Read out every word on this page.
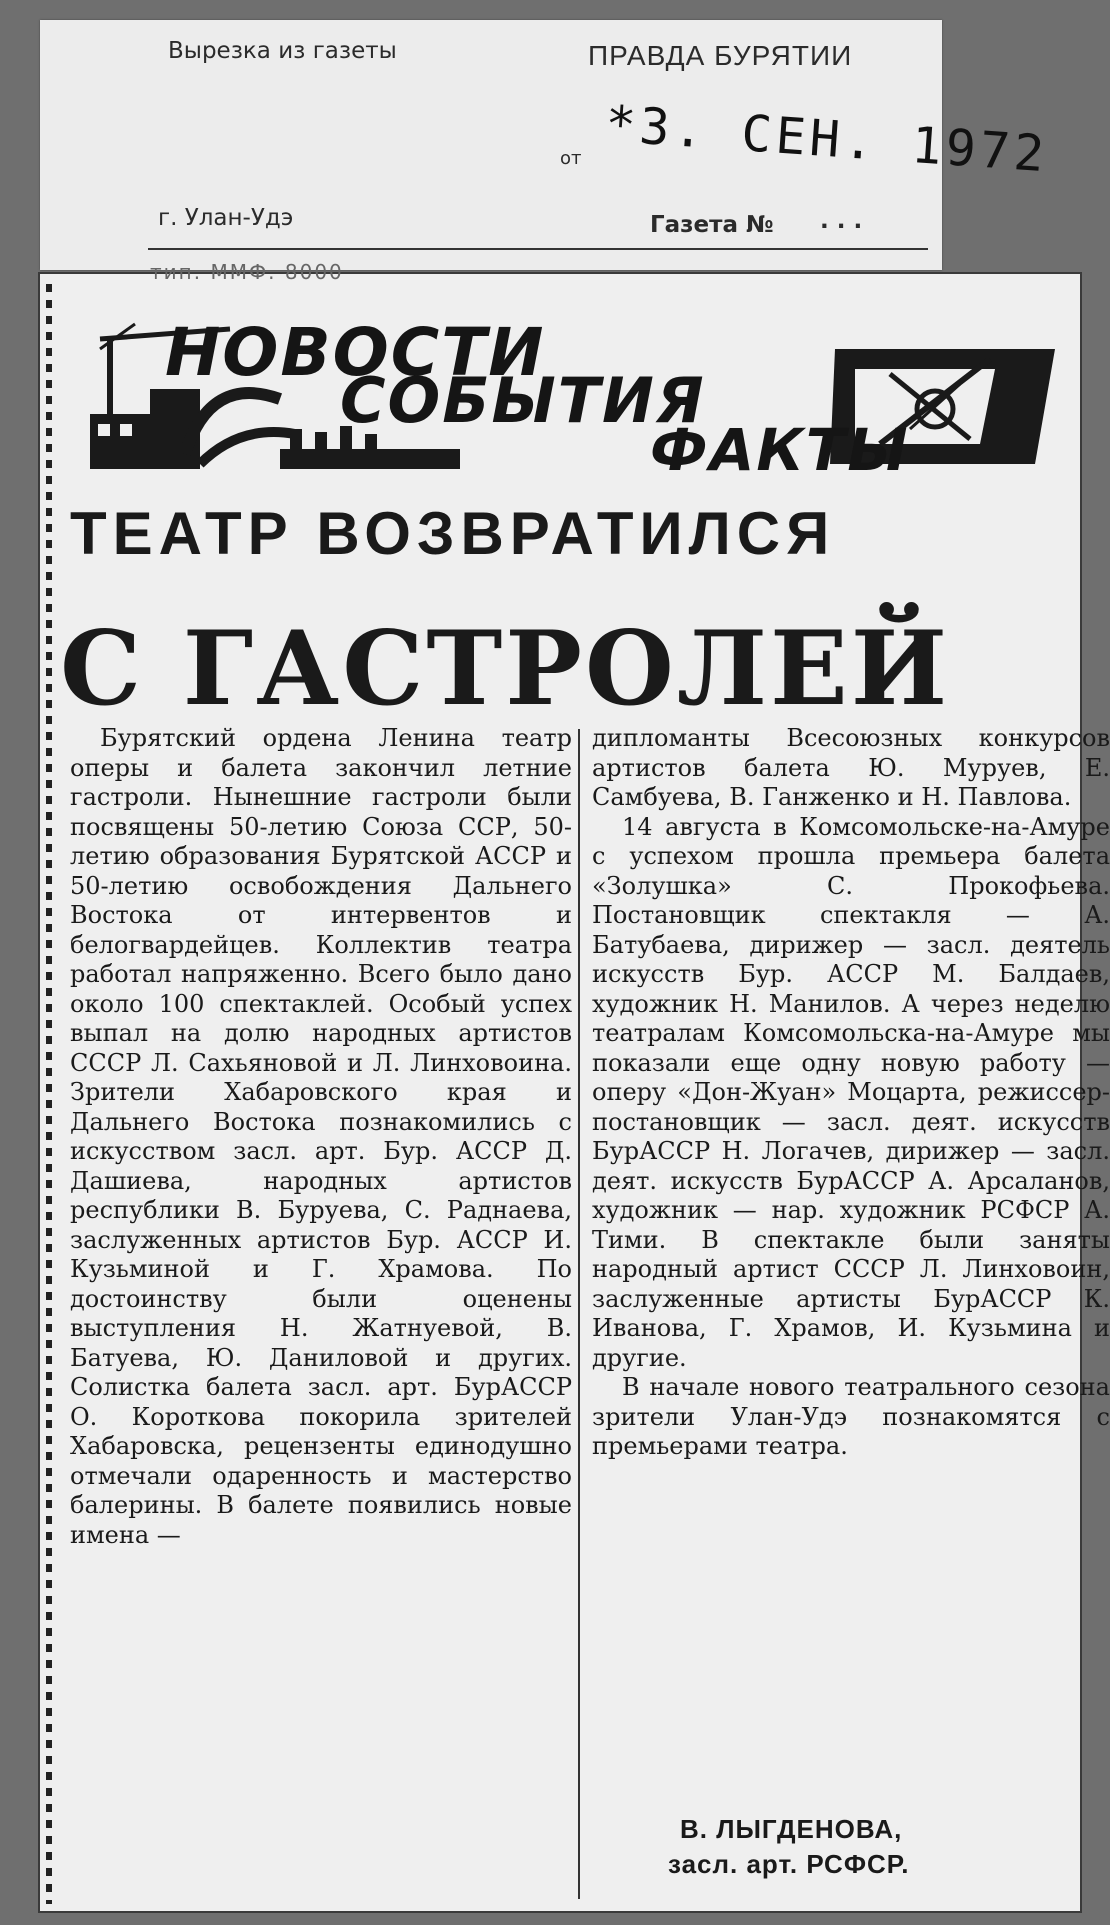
Вырезка из газеты	ПРАВДА БУРЯТИИ
от *3. СЕН. 1972
г. Улан-Удэ	Газета № . . .
тип. ММФ. 8000
НОВОСТИ
СОБЫТИЯ
ФАКТЫ
ТЕАТР ВОЗВРАТИЛСЯ
С ГАСТРОЛЕЙ

Бурятский ордена Ленина театр оперы и балета закончил летние гастроли. Нынешние гастроли были посвящены 50-летию Союза ССР, 50-летию образования Бурятской АССР и 50-летию освобождения Дальнего Востока от интервентов и белогвардейцев. Коллектив театра работал напряженно. Всего было дано около 100 спектаклей. Особый успех выпал на долю народных артистов СССР Л. Сахьяновой и Л. Линховоина. Зрители Хабаровского края и Дальнего Востока познакомились с искусством засл. арт. Бур. АССР Д. Дашиева, народных артистов республики В. Буруева, С. Раднаева, заслуженных артистов Бур. АССР И. Кузьминой и Г. Храмова. По достоинству были оценены выступления Н. Жатнуевой, В. Батуева, Ю. Даниловой и других. Солистка балета засл. арт. БурАССР О. Короткова покорила зрителей Хабаровска, рецензенты единодушно отмечали одаренность и мастерство балерины. В балете появились новые имена —

дипломанты Всесоюзных конкурсов артистов балета Ю. Муруев, Е. Самбуева, В. Ганженко и Н. Павлова.

14 августа в Комсомольске-на-Амуре с успехом прошла премьера балета «Золушка» С. Прокофьева. Постановщик спектакля — А. Батубаева, дирижер — засл. деятель искусств Бур. АССР М. Балдаев, художник Н. Манилов. А через неделю театралам Комсомольска-на-Амуре мы показали еще одну новую работу — оперу «Дон-Жуан» Моцарта, режиссер-постановщик — засл. деят. искусств БурАССР Н. Логачев, дирижер — засл. деят. искусств БурАССР А. Арсаланов, художник — нар. художник РСФСР А. Тими. В спектакле были заняты народный артист СССР Л. Линховоин, заслуженные артисты БурАССР К. Иванова, Г. Храмов, И. Кузьмина и другие.

В начале нового театрального сезона зрители Улан-Удэ познакомятся с премьерами театра.

В. ЛЫГДЕНОВА,
засл. арт. РСФСР.
